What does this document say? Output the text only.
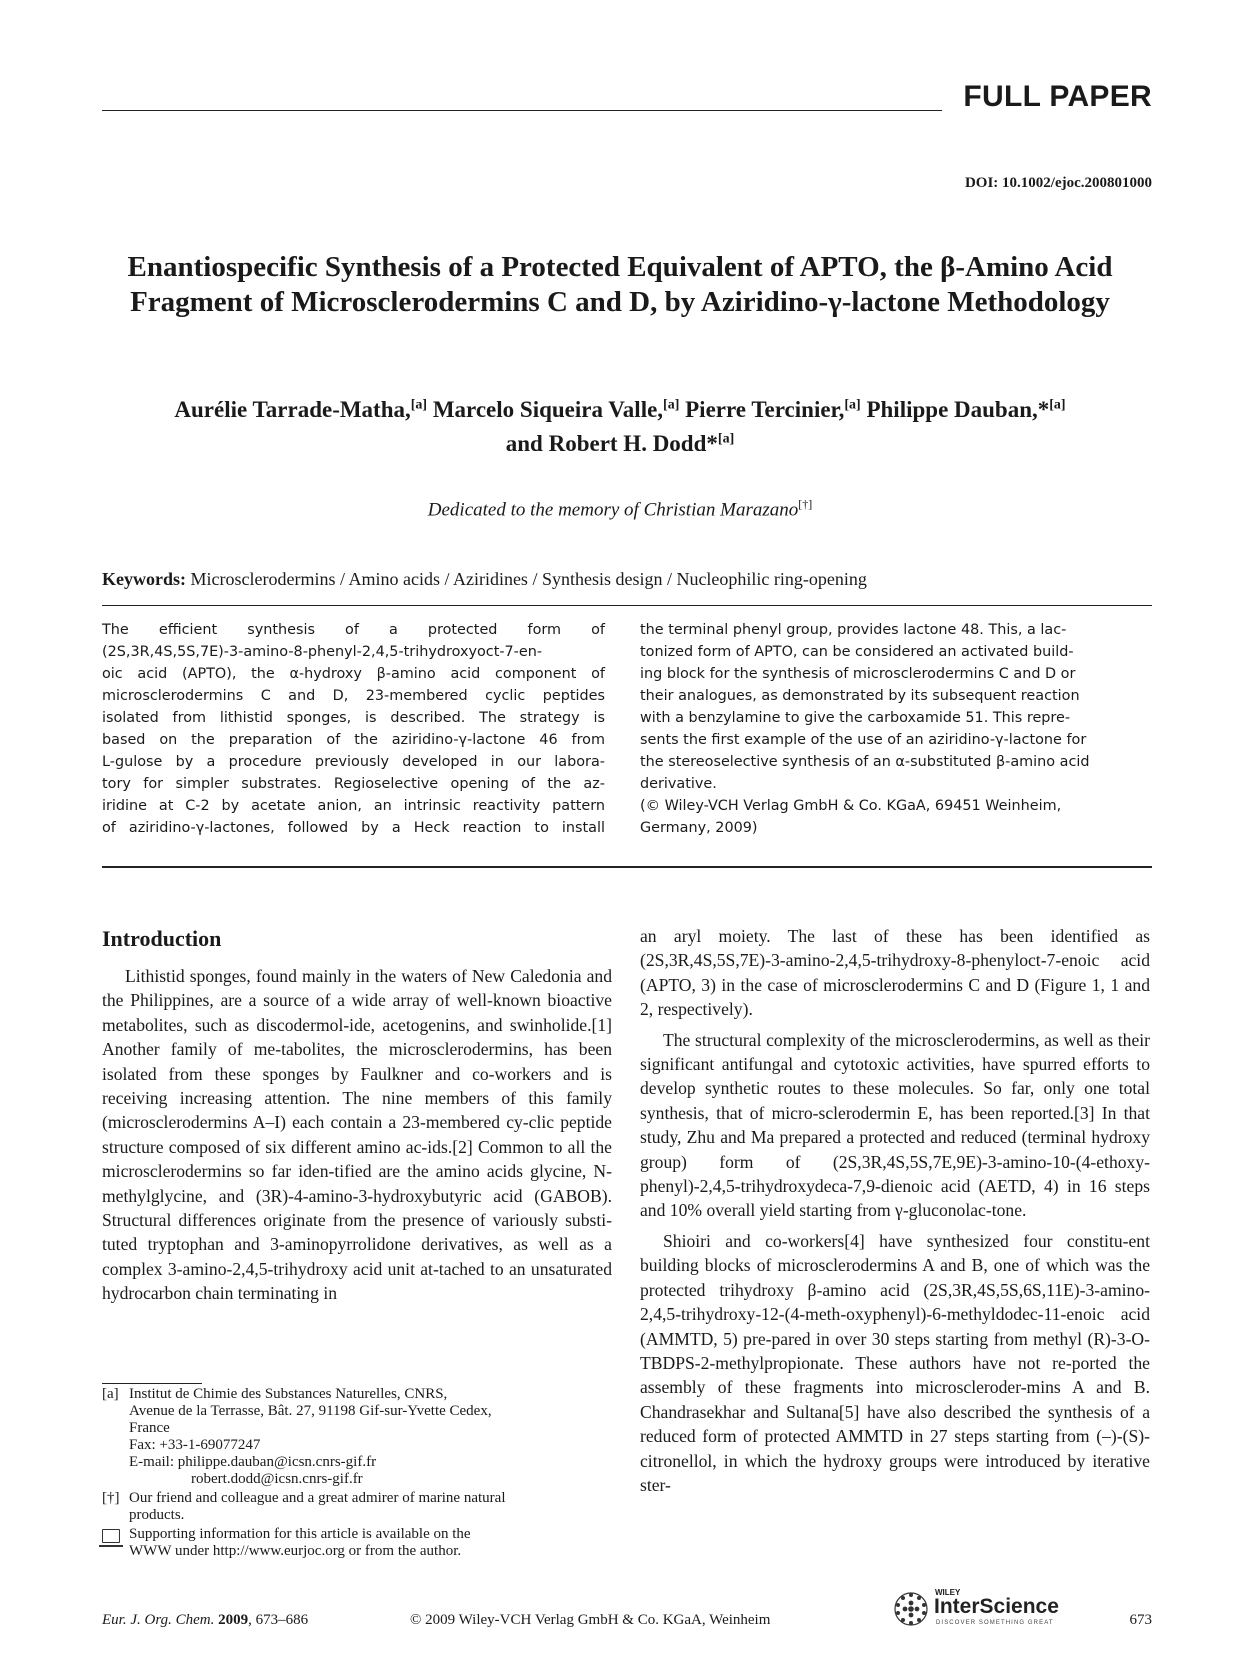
FULL PAPER
DOI: 10.1002/ejoc.200801000
Enantiospecific Synthesis of a Protected Equivalent of APTO, the β-Amino Acid Fragment of Microsclerodermins C and D, by Aziridino-γ-lactone Methodology
Aurélie Tarrade-Matha,[a] Marcelo Siqueira Valle,[a] Pierre Tercinier,[a] Philippe Dauban,*[a]
and Robert H. Dodd*[a]
Dedicated to the memory of Christian Marazano[†]
Keywords: Microsclerodermins / Amino acids / Aziridines / Synthesis design / Nucleophilic ring-opening
The efficient synthesis of a protected form of
(2S,3R,4S,5S,7E)-3-amino-8-phenyl-2,4,5-trihydroxyoct-7-en-
oic acid (APTO), the α-hydroxy β-amino acid component of
microsclerodermins C and D, 23-membered cyclic peptides
isolated from lithistid sponges, is described. The strategy is
based on the preparation of the aziridino-γ-lactone 46 from
L-gulose by a procedure previously developed in our labora-
tory for simpler substrates. Regioselective opening of the az-
iridine at C-2 by acetate anion, an intrinsic reactivity pattern
of aziridino-γ-lactones, followed by a Heck reaction to install
the terminal phenyl group, provides lactone 48. This, a lac-
tonized form of APTO, can be considered an activated build-
ing block for the synthesis of microsclerodermins C and D or
their analogues, as demonstrated by its subsequent reaction
with a benzylamine to give the carboxamide 51. This repre-
sents the first example of the use of an aziridino-γ-lactone for
the stereoselective synthesis of an α-substituted β-amino acid
derivative.
(© Wiley-VCH Verlag GmbH & Co. KGaA, 69451 Weinheim,
Germany, 2009)
Introduction

Lithistid sponges, found mainly in the waters of New Caledonia and the Philippines, are a source of a wide array of well-known bioactive metabolites, such as discodermol-ide, acetogenins, and swinholide.[1] Another family of me-tabolites, the microsclerodermins, has been isolated from these sponges by Faulkner and co-workers and is receiving increasing attention. The nine members of this family (microsclerodermins A–I) each contain a 23-membered cy-clic peptide structure composed of six different amino ac-ids.[2] Common to all the microsclerodermins so far iden-tified are the amino acids glycine, N-methylglycine, and (3R)-4-amino-3-hydroxybutyric acid (GABOB). Structural differences originate from the presence of variously substi-tuted tryptophan and 3-aminopyrrolidone derivatives, as well as a complex 3-amino-2,4,5-trihydroxy acid unit at-tached to an unsaturated hydrocarbon chain terminating in

an aryl moiety. The last of these has been identified as (2S,3R,4S,5S,7E)-3-amino-2,4,5-trihydroxy-8-phenyloct-7-enoic acid (APTO, 3) in the case of microsclerodermins C and D (Figure 1, 1 and 2, respectively).

The structural complexity of the microsclerodermins, as well as their significant antifungal and cytotoxic activities, have spurred efforts to develop synthetic routes to these molecules. So far, only one total synthesis, that of micro-sclerodermin E, has been reported.[3] In that study, Zhu and Ma prepared a protected and reduced (terminal hydroxy group) form of (2S,3R,4S,5S,7E,9E)-3-amino-10-(4-ethoxy-phenyl)-2,4,5-trihydroxydeca-7,9-dienoic acid (AETD, 4) in 16 steps and 10% overall yield starting from γ-gluconolac-tone.

Shioiri and co-workers[4] have synthesized four constitu-ent building blocks of microsclerodermins A and B, one of which was the protected trihydroxy β-amino acid (2S,3R,4S,5S,6S,11E)-3-amino-2,4,5-trihydroxy-12-(4-meth-oxyphenyl)-6-methyldodec-11-enoic acid (AMMTD, 5) pre-pared in over 30 steps starting from methyl (R)-3-O-TBDPS-2-methylpropionate. These authors have not re-ported the assembly of these fragments into microscleroder-mins A and B. Chandrasekhar and Sultana[5] have also described the synthesis of a reduced form of protected AMMTD in 27 steps starting from (–)-(S)-citronellol, in which the hydroxy groups were introduced by iterative ster-

[a] Institut de Chimie des Substances Naturelles, CNRS,
Avenue de la Terrasse, Bât. 27, 91198 Gif-sur-Yvette Cedex,
France
Fax: +33-1-69077247
E-mail: philippe.dauban@icsn.cnrs-gif.fr
robert.dodd@icsn.cnrs-gif.fr
[†] Our friend and colleague and a great admirer of marine natural
products.
Supporting information for this article is available on the
WWW under http://www.eurjoc.org or from the author.
Eur. J. Org. Chem. 2009, 673–686	© 2009 Wiley-VCH Verlag GmbH & Co. KGaA, Weinheim
WILEY
InterScience
DISCOVER SOMETHING GREAT	673
